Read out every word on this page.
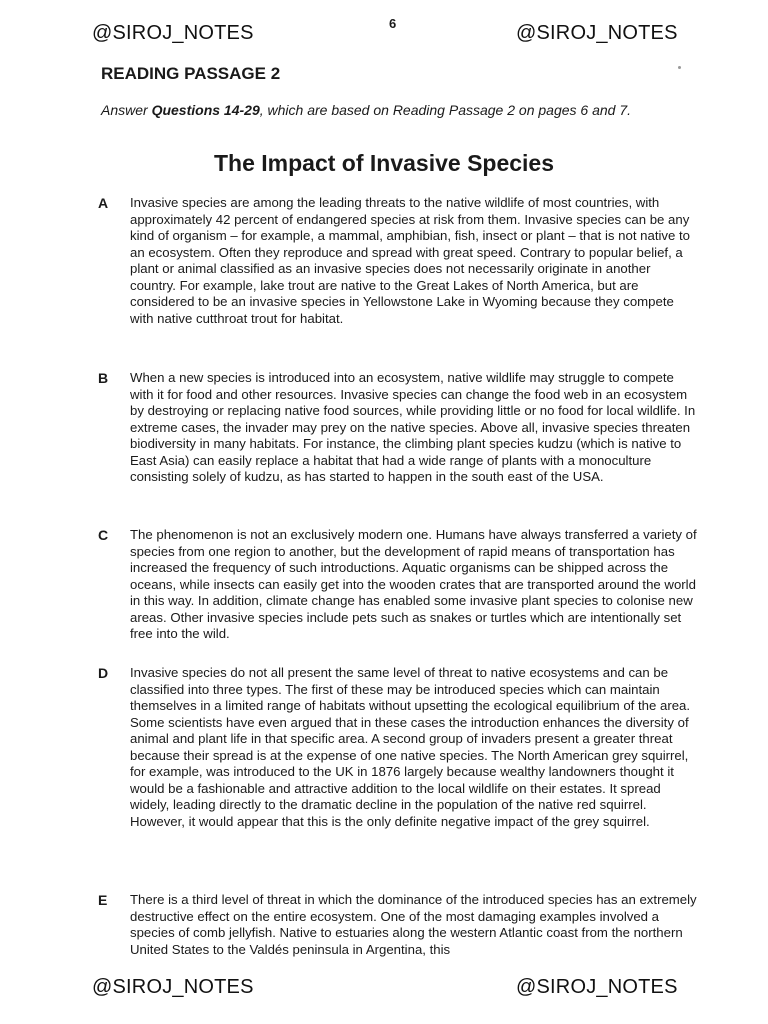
@SIROJ_NOTES	6	@SIROJ_NOTES
READING PASSAGE 2
Answer Questions 14-29, which are based on Reading Passage 2 on pages 6 and 7.
The Impact of Invasive Species
A Invasive species are among the leading threats to the native wildlife of most countries, with approximately 42 percent of endangered species at risk from them. Invasive species can be any kind of organism – for example, a mammal, amphibian, fish, insect or plant – that is not native to an ecosystem. Often they reproduce and spread with great speed. Contrary to popular belief, a plant or animal classified as an invasive species does not necessarily originate in another country. For example, lake trout are native to the Great Lakes of North America, but are considered to be an invasive species in Yellowstone Lake in Wyoming because they compete with native cutthroat trout for habitat.
B When a new species is introduced into an ecosystem, native wildlife may struggle to compete with it for food and other resources. Invasive species can change the food web in an ecosystem by destroying or replacing native food sources, while providing little or no food for local wildlife. In extreme cases, the invader may prey on the native species. Above all, invasive species threaten biodiversity in many habitats. For instance, the climbing plant species kudzu (which is native to East Asia) can easily replace a habitat that had a wide range of plants with a monoculture consisting solely of kudzu, as has started to happen in the south east of the USA.
C The phenomenon is not an exclusively modern one. Humans have always transferred a variety of species from one region to another, but the development of rapid means of transportation has increased the frequency of such introductions. Aquatic organisms can be shipped across the oceans, while insects can easily get into the wooden crates that are transported around the world in this way. In addition, climate change has enabled some invasive plant species to colonise new areas. Other invasive species include pets such as snakes or turtles which are intentionally set free into the wild.
D Invasive species do not all present the same level of threat to native ecosystems and can be classified into three types. The first of these may be introduced species which can maintain themselves in a limited range of habitats without upsetting the ecological equilibrium of the area. Some scientists have even argued that in these cases the introduction enhances the diversity of animal and plant life in that specific area. A second group of invaders present a greater threat because their spread is at the expense of one native species. The North American grey squirrel, for example, was introduced to the UK in 1876 largely because wealthy landowners thought it would be a fashionable and attractive addition to the local wildlife on their estates. It spread widely, leading directly to the dramatic decline in the population of the native red squirrel. However, it would appear that this is the only definite negative impact of the grey squirrel.
E There is a third level of threat in which the dominance of the introduced species has an extremely destructive effect on the entire ecosystem. One of the most damaging examples involved a species of comb jellyfish. Native to estuaries along the western Atlantic coast from the northern United States to the Valdés peninsula in Argentina, this
@SIROJ_NOTES	@SIROJ_NOTES
